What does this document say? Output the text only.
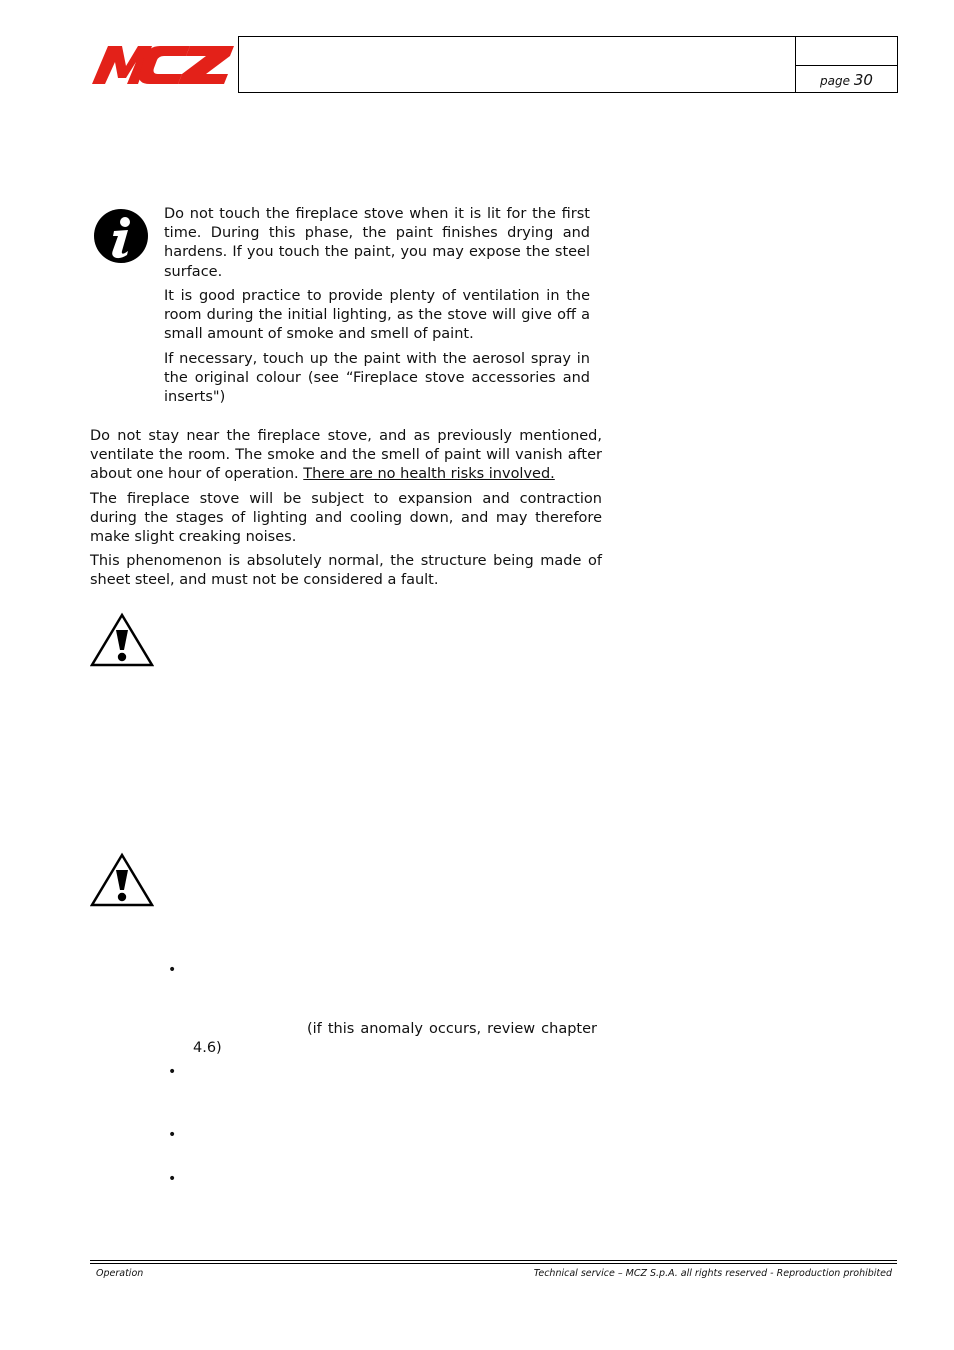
page 30

Do not touch the fireplace stove when it is lit for the first time. During this phase, the paint finishes drying and hardens. If you touch the paint, you may expose the steel surface.

It is good practice to provide plenty of ventilation in the room during the initial lighting, as the stove will give off a small amount of smoke and smell of paint.

If necessary, touch up the paint with the aerosol spray in the original colour (see “Fireplace stove accessories and inserts")

Do not stay near the fireplace stove, and as previously mentioned, ventilate the room. The smoke and the smell of paint will vanish after about one hour of operation. There are no health risks involved.

The fireplace stove will be subject to expansion and contraction during the stages of lighting and cooling down, and may therefore make slight creaking noises.

This phenomenon is absolutely normal, the structure being made of sheet steel, and must not be considered a fault.

•
(if this anomaly occurs, review chapter
4.6)
•
•
•
Operation	Technical service – MCZ S.p.A. all rights reserved - Reproduction prohibited
